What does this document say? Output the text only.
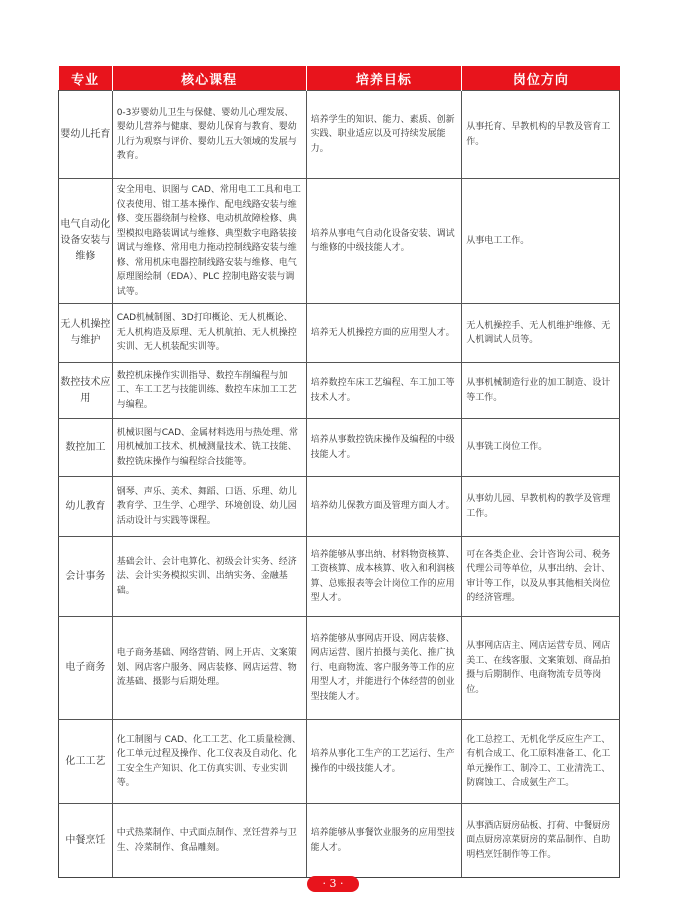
专业	核心课程	培养目标	岗位方向
婴幼儿托育	0-3岁婴幼儿卫生与保健、婴幼儿心理发展、婴幼儿营养与健康、婴幼儿保育与教育、婴幼儿行为观察与评价、婴幼儿五大领域的发展与教育。	培养学生的知识、能力、素质、创新实践、职业适应以及可持续发展能力。	从事托育、早教机构的早教及管育工作。
电气自动化设备安装与维修	安全用电、识图与 CAD、常用电工工具和电工仪表使用、钳工基本操作、配电线路安装与维修、变压器绕制与检修、电动机故障检修、典型模拟电路装调试与维修、典型数字电路装接调试与维修、常用电力拖动控制线路安装与维修、常用机床电器控制线路安装与维修、电气原理图绘制（EDA）、PLC 控制电路安装与调试等。	培养从事电气自动化设备安装、调试与维修的中级技能人才。	从事电工工作。
无人机操控与维护	CAD机械制图、3D打印概论、无人机概论、无人机构造及原理、无人机航拍、无人机操控实训、无人机装配实训等。	培养无人机操控方面的应用型人才。	无人机操控手、无人机维护维修、无人机调试人员等。
数控技术应用	数控机床操作实训指导、数控车削编程与加工、车工工艺与技能训练、数控车床加工工艺与编程。	培养数控车床工艺编程、车工加工等技术人才。	从事机械制造行业的加工制造、设计等工作。
数控加工	机械识图与CAD、金属材料选用与热处理、常用机械加工技术、机械测量技术、铣工技能、数控铣床操作与编程综合技能等。	培养从事数控铣床操作及编程的中级技能人才。	从事铣工岗位工作。
幼儿教育	钢琴、声乐、美术、舞蹈、口语、乐理、幼儿教育学、卫生学、心理学、环境创设、幼儿园活动设计与实践等课程。	培养幼儿保教方面及管理方面人才。	从事幼儿园、早教机构的教学及管理工作。
会计事务	基础会计、会计电算化、初级会计实务、经济法、会计实务模拟实训、出纳实务、金融基础。	培养能够从事出纳、材料物资核算、工资核算、成本核算、收入和利润核算、总账报表等会计岗位工作的应用型人才。	可在各类企业、会计咨询公司、税务代理公司等单位，从事出纳、会计、审计等工作，以及从事其他相关岗位的经济管理。
电子商务	电子商务基础、网络营销、网上开店、文案策划、网店客户服务、网店装修、网店运营、物流基础、摄影与后期处理。	培养能够从事网店开设、网店装修、网店运营、图片拍摄与美化、推广执行、电商物流、客户服务等工作的应用型人才，并能进行个体经营的创业型技能人才。	从事网店店主、网店运营专员、网店美工、在线客服、文案策划、商品拍摄与后期制作、电商物流专员等岗位。
化工工艺	化工制图与 CAD、化工工艺、化工质量检测、化工单元过程及操作、化工仪表及自动化、化工安全生产知识、化工仿真实训、专业实训等。	培养从事化工生产的工艺运行、生产操作的中级技能人才。	化工总控工、无机化学反应生产工、有机合成工、化工原料准备工、化工单元操作工、制冷工、工业清洗工、防腐蚀工、合成氨生产工。
中餐烹饪	中式热菜制作、中式面点制作、烹饪营养与卫生、冷菜制作、食品雕刻。	培养能够从事餐饮业服务的应用型技能人才。	从事酒店厨房砧板、打荷、中餐厨房面点厨房凉菜厨房的菜品制作、自助明档烹饪制作等工作。
· 3 ·
